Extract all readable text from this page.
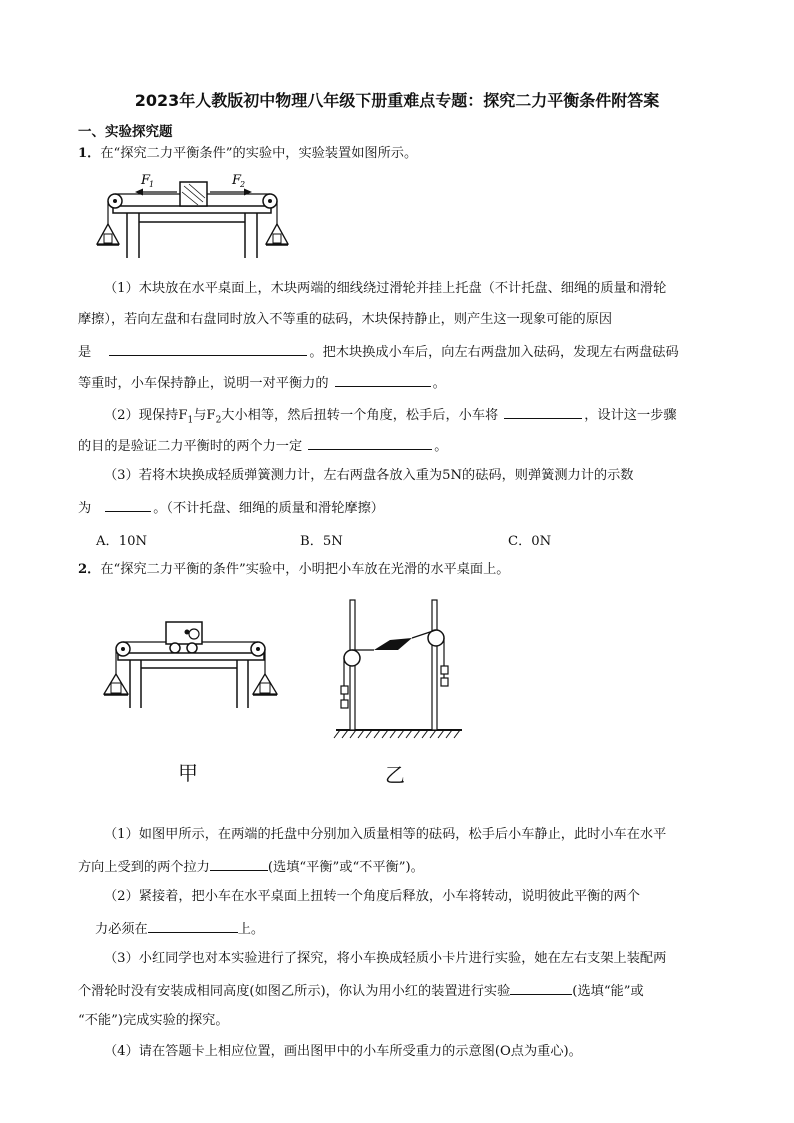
2023年人教版初中物理八年级下册重难点专题：探究二力平衡条件附答案
一、实验探究题
1．在“探究二力平衡条件”的实验中，实验装置如图所示。
F
1	F
2
（1）木块放在水平桌面上，木块两端的细线绕过滑轮并挂上托盘（不计托盘、细绳的质量和滑轮
摩擦），若向左盘和右盘同时放入不等重的砝码，木块保持静止，则产生这一现象可能的原因
是	。把木块换成小车后，向左右两盘加入砝码，发现左右两盘砝码
等重时，小车保持静止，说明一对平衡力的	。
（2）现保持$F_1$与$F_2$大小相等，然后扭转一个角度，松手后，小车将	，设计这一步骤
的目的是验证二力平衡时的两个力一定	。
（3）若将木块换成轻质弹簧测力计，左右两盘各放入重为5N的砝码，则弹簧测力计的示数
为	。（不计托盘、细绳的质量和滑轮摩擦）
A．10N	B．5N	C．0N
2．在“探究二力平衡的条件”实验中，小明把小车放在光滑的水平桌面上。
甲	乙
（1）如图甲所示，在两端的托盘中分别加入质量相等的砝码，松手后小车静止，此时小车在水平
方向上受到的两个拉力	(选填“平衡”或“不平衡”)。
（2）紧接着，把小车在水平桌面上扭转一个角度后释放，小车将转动，说明彼此平衡的两个
力必须在	上。
（3）小红同学也对本实验进行了探究，将小车换成轻质小卡片进行实验，她在左右支架上装配两
个滑轮时没有安装成相同高度(如图乙所示)，你认为用小红的装置进行实验	(选填“能”或
“不能”)完成实验的探究。
（4）请在答题卡上相应位置，画出图甲中的小车所受重力的示意图(O点为重心)。
